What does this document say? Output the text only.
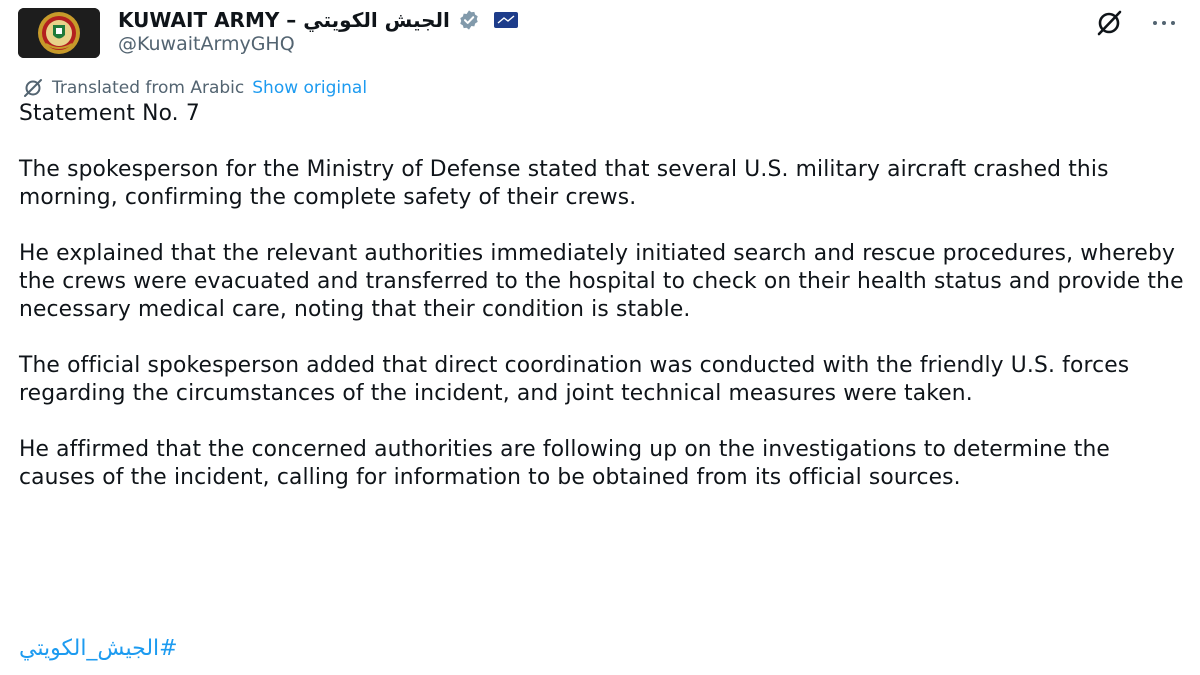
KUWAIT ARMY – الجيش الكويتي
@KuwaitArmyGHQ
Translated from Arabic Show original

Statement No. 7

The spokesperson for the Ministry of Defense stated that several U.S. military aircraft crashed this morning, confirming the complete safety of their crews.

He explained that the relevant authorities immediately initiated search and rescue procedures, whereby the crews were evacuated and transferred to the hospital to check on their health status and provide the necessary medical care, noting that their condition is stable.

The official spokesperson added that direct coordination was conducted with the friendly U.S. forces regarding the circumstances of the incident, and joint technical measures were taken.

He affirmed that the concerned authorities are following up on the investigations to determine the causes of the incident, calling for information to be obtained from its official sources.

#الجيش_الكويتي
